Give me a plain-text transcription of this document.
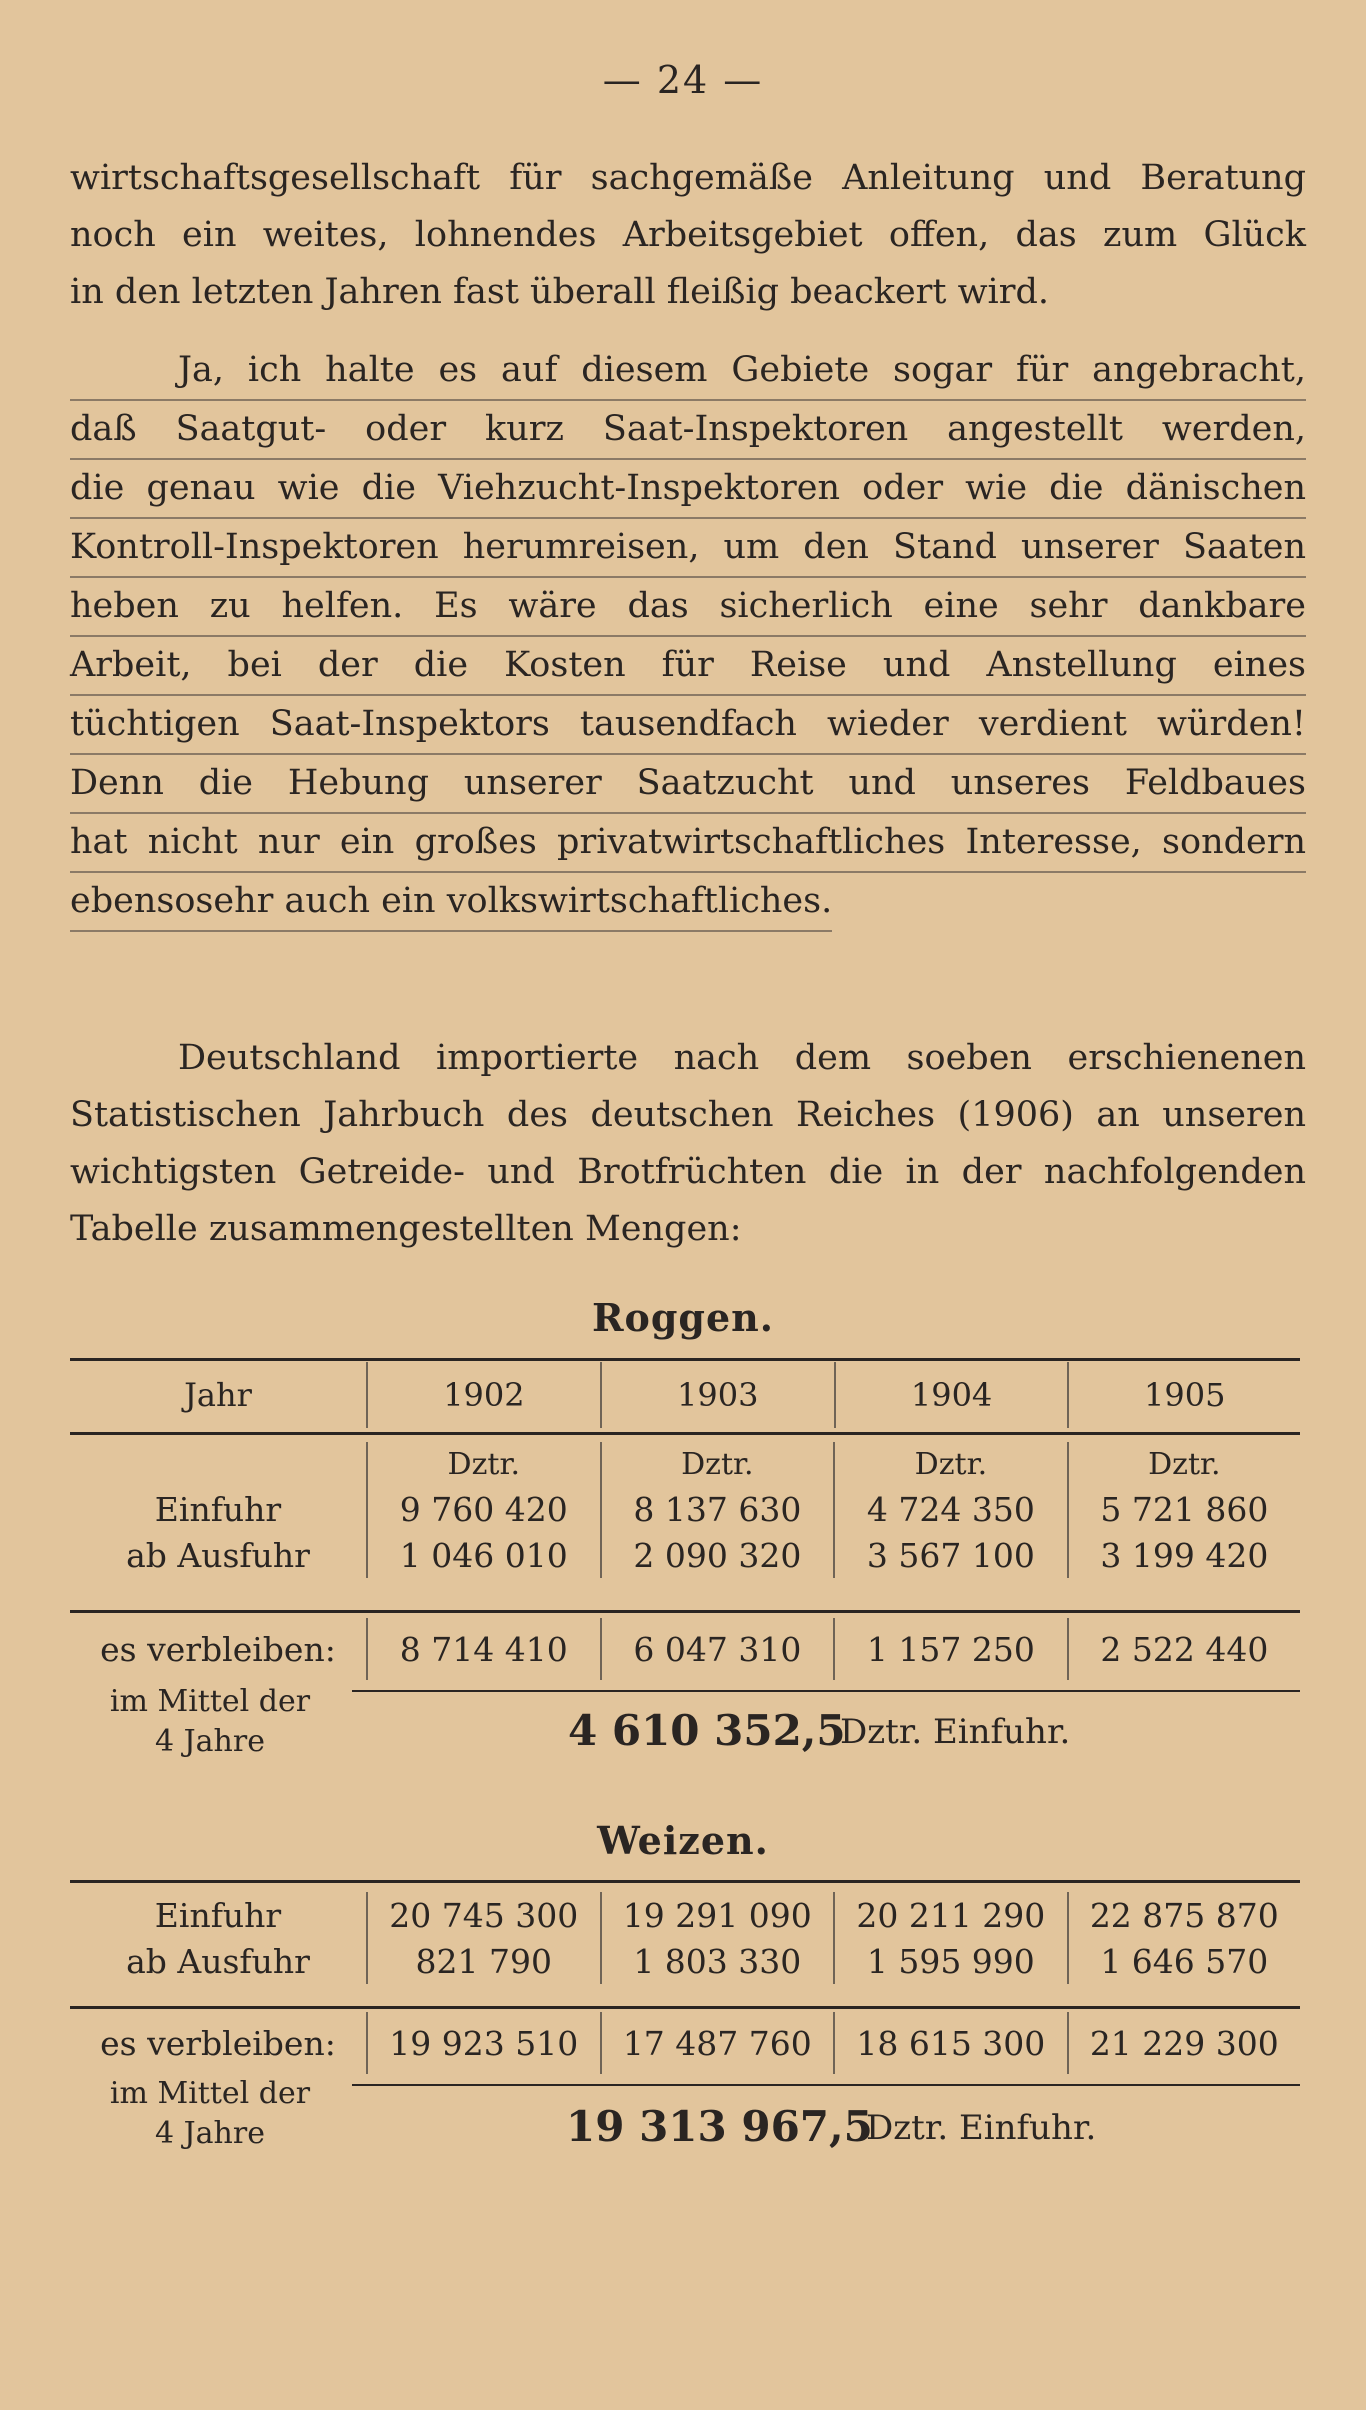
— 24 —
wirtschaftsgesellschaft für sachgemäße Anleitung und Beratung
noch ein weites, lohnendes Arbeitsgebiet offen, das zum Glück
in den letzten Jahren fast überall fleißig beackert wird.
Ja, ich halte es auf diesem Gebiete sogar für angebracht,
daß Saatgut- oder kurz Saat-Inspektoren angestellt werden,
die genau wie die Viehzucht-Inspektoren oder wie die dänischen
Kontroll-Inspektoren herumreisen, um den Stand unserer Saaten
heben zu helfen. Es wäre das sicherlich eine sehr dankbare
Arbeit, bei der die Kosten für Reise und Anstellung eines
tüchtigen Saat-Inspektors tausendfach wieder verdient würden!
Denn die Hebung unserer Saatzucht und unseres Feldbaues
hat nicht nur ein großes privatwirtschaftliches Interesse, sondern
ebensosehr auch ein volkswirtschaftliches.
Deutschland importierte nach dem soeben erschienenen
Statistischen Jahrbuch des deutschen Reiches (1906) an unseren
wichtigsten Getreide- und Brotfrüchten die in der nachfolgenden
Tabelle zusammengestellten Mengen:
Roggen.
Jahr	1902	1903	1904	1905
	Dztr.	Dztr.	Dztr.	Dztr.
Einfuhr	9 760 420	8 137 630	4 724 350	5 721 860
ab Ausfuhr	1 046 010	2 090 320	3 567 100	3 199 420
es verbleiben:	8 714 410	6 047 310	1 157 250	2 522 440
im Mittel der
4 Jahre	4 610 352,5
Dztr. Einfuhr.
Weizen.
Einfuhr	20 745 300	19 291 090	20 211 290	22 875 870
ab Ausfuhr	821 790	1 803 330	1 595 990	1 646 570
es verbleiben:	19 923 510	17 487 760	18 615 300	21 229 300
im Mittel der
4 Jahre	19 313 967,5
Dztr. Einfuhr.
